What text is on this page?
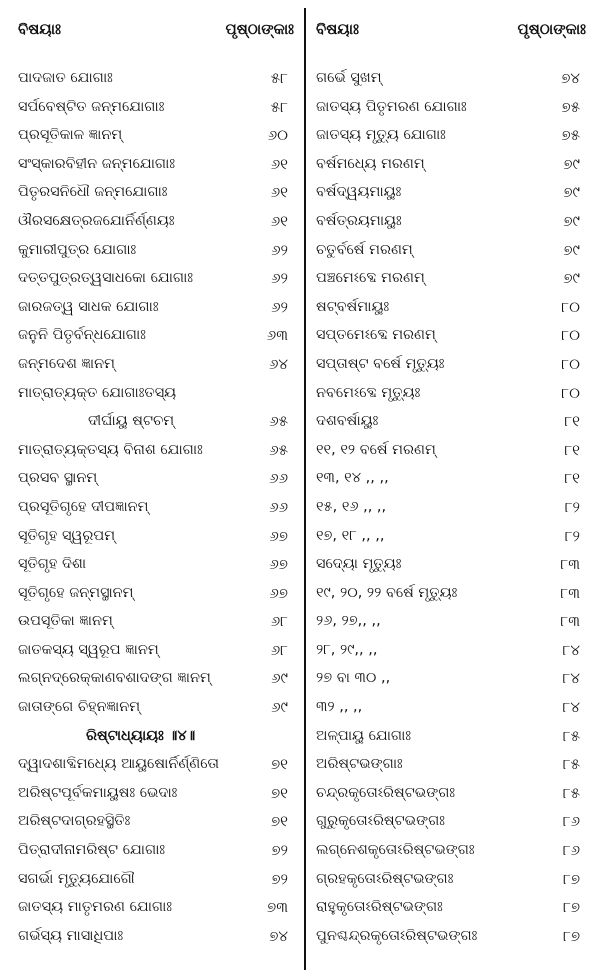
ବିଷୟାଃ	ପୃଷ୍ଠାଙ୍କାଃ
ପାଦଜାତ ଯୋଗାଃ	୫୮
ସର୍ପବେଷ୍ଟିତ ଜନ୍ମଯୋଗାଃ	୫୮
ପ୍ରସୂତିକାଳ ଜ୍ଞାନମ୍	୬୦
ସଂସ୍କାରବିହୀନ ଜନ୍ମଯୋଗାଃ	୬୧
ପିତୃରସନିଧୌ ଜନ୍ମଯୋଗାଃ	୬୧
ଔରସକ୍ଷେତ୍ରଜଯୋର୍ନିର୍ଣ୍ଣୟଃ	୬୧
କୁମାରୀପୁତ୍ର ଯୋଗାଃ	୬୨
ଦତ୍ତପୁତ୍ରତ୍ୱସାଧକୋ ଯୋଗାଃ	୬୨
ଜାରଜତ୍ୱ ସାଧକ ଯୋଗାଃ	୬୨
ଜନୁନି ପିତୃର୍ବନ୍ଧଯୋଗାଃ	୬୩
ଜନ୍ମଦେଶ ଜ୍ଞାନମ୍	୬୪
ମାତ୍ରାତ୍ୟକ୍ତ ଯୋଗାଃତସ୍ୟ
ଦୀର୍ଘାୟୁ ଷ୍ଟଚମ୍	୬୫
ମାତ୍ରାତ୍ୟକ୍ତସ୍ୟ ବିନାଶ ଯୋଗାଃ	୬୫
ପ୍ରସବ ସ୍ଥାନମ୍	୬୬
ପ୍ରସୂତିଗୃହେ ଦୀପଜ୍ଞାନମ୍	୬୬
ସୂତିଗୃହ ସ୍ୱରୂପମ୍	୬୭
ସୂତିଗୃହ ଦିଶା	୬୭
ସୂତିଗୃହେ ଜନ୍ମସ୍ଥାନମ୍	୬୭
ଉପସୂତିକା ଜ୍ଞାନମ୍	୬୮
ଜାତକସ୍ୟ ସ୍ୱରୂପ ଜ୍ଞାନମ୍	୬୮
ଲଗ୍ନଦ୍ରେକ୍‌କାଣବଶାଦଙ୍ଗ ଜ୍ଞାନମ୍	୬୯
ଜାତାଙ୍ଗେ ଚିହ୍ନଜ୍ଞାନମ୍	୬୯
ରିଷ୍ଟାଧ୍ୟାୟଃ ॥୪॥
ଦ୍ୱାଦଶାବ୍ଦିମଧ୍ୟେ ଆୟୁଷୋର୍ନିର୍ଣ୍ଣିତୋ	୭୧
ଅରିଷ୍ଟପୂର୍ବକମାୟୁଷଃ ଭେଦାଃ	୭୧
ଅରିଷ୍ଟଦାଗ୍ରହସ୍ଥିତିଃ	୭୧
ପିତ୍ରାଦୀନାମରିଷ୍ଟ ଯୋଗାଃ	୭୨
ସଗର୍ଭା ମୃତ୍ୟୁଯୋଗୌ	୭୨
ଜାତସ୍ୟ ମାତୃମରଣ ଯୋଗାଃ	୭୩
ଗର୍ଭସ୍ୟ ମାସାଧିପାଃ	୭୪
ବିଷୟାଃ	ପୃଷ୍ଠାଙ୍କାଃ
ଗର୍ଭେ ସୁଖମ୍	୭୪
ଜାତସ୍ୟ ପିତୃମରଣ ଯୋଗାଃ	୭୫
ଜାତସ୍ୟ ମୃତ୍ୟୁ ଯୋଗାଃ	୭୫
ବର୍ଷମଧ୍ୟେ ମରଣମ୍	୭୯
ବର୍ଷଦ୍ୱୟମାୟୁଃ	୭୯
ବର୍ଷତ୍ରୟମାୟୁଃ	୭୯
ଚତୁର୍ବର୍ଷେ ମରଣମ୍	୭୯
ପଞ୍ଚମେଽବ୍ଦେ ମରଣମ୍	୭୯
ଷଟ୍‌ବର୍ଷମାୟୁଃ	୮୦
ସପ୍ତମେଽବ୍ଦେ ମରଣମ୍	୮୦
ସପ୍ତାଷ୍ଟ ବର୍ଷେ ମୃତ୍ୟୁଃ	୮୦
ନବମେଽବ୍ଦେ ମୃତ୍ୟୁଃ	୮୦
ଦଶବର୍ଷାୟୁଃ	୮୧
୧୧, ୧୨ ବର୍ଷେ ମରଣମ୍	୮୧
୧୩, ୧୪ ,, ,,	୮୧
୧୫, ୧୬ ,, ,,	୮୨
୧୭, ୧୮ ,, ,,	୮୨
ସଦ୍ୟୋ ମୃତ୍ୟୁଃ	୮୩
୧୯, ୨୦, ୨୨ ବର୍ଷେ ମୃତ୍ୟୁଃ	୮୩
୨୬, ୨୭,, ,,	୮୩
୨୮, ୨୯,, ,,	୮୪
୨୭ ବା ୩୦ ,,	୮୪
୩୨ ,, ,,	୮୪
ଅଳ୍ପାୟୁ ଯୋଗାଃ	୮୫
ଅରିଷ୍ଟଭଙ୍ଗାଃ	୮୫
ଚନ୍ଦ୍ରକୃତୋଽରିଷ୍ଟଭଙ୍ଗଃ	୮୫
ଗୁରୁକୃତୋଽରିଷ୍ଟଭଙ୍ଗଃ	୮୬
ଲଗ୍ନେଶକୃତୋଽରିଷ୍ଟଭଙ୍ଗଃ	୮୬
ଗ୍ରହକୃତୋଽରିଷ୍ଟଭଙ୍ଗଃ	୮୭
ରାହୁକୃତୋଽରିଷ୍ଟଭଙ୍ଗଃ	୮୭
ପୁନଶ୍ଚନ୍ଦ୍ରକୃତୋଽରିଷ୍ଟଭଙ୍ଗଃ	୮୭
